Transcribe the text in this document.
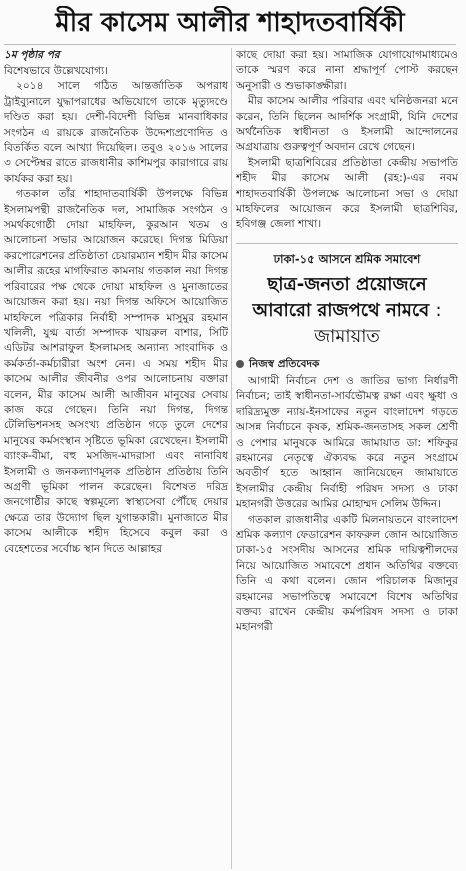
মীর কাসেম আলীর শাহাদতবার্ষিকী

১ম পৃষ্ঠার পর

বিশেষভাবে উল্লেখযোগ্য।

২০১৪ সালে গঠিত আন্তর্জাতিক অপরাধ ট্রাইব্যুনালে যুদ্ধাপরাধের অভিযোগে তাকে মৃত্যুদণ্ডে দণ্ডিত করা হয়। দেশী-বিদেশী বিভিন্ন মানবাধিকার সংগঠন এ রায়কে রাজনৈতিক উদ্দেশ্যপ্রণোদিত ও বিতর্কিত বলে আখ্যা দিয়েছিল। তবুও ২০১৬ সালের ৩ সেপ্টেম্বর রাতে রাজধানীর কাশিমপুর কারাগারে রায় কার্যকর করা হয়।

গতকাল তাঁর শাহাদাতবার্ষিকী উপলক্ষে বিভিন্ন ইসলামপন্থী রাজনৈতিক দল, সামাজিক সংগঠন ও সমর্থকগোষ্ঠী দোয়া মাহফিল, কুরআন খতম ও আলোচনা সভার আয়োজন করেছে। দিগন্ত মিডিয়া করপোরেশনের প্রতিষ্ঠাতা চেয়ারম্যান শহীদ মীর কাসেম আলীর রূহের মাগফিরাত কামনায় গতকাল নয়া দিগন্ত পরিবারের পক্ষ থেকে দোয়া মাহফিল ও মুনাজাতের আয়োজন করা হয়। নয়া দিগন্ত অফিসে আয়োজিত মাহফিলে পত্রিকার নির্বাহী সম্পাদক মাসুমুর রহমান খলিলী, যুগ্ম বার্তা সম্পাদক খায়রুল বাশার, সিটি এডিটর আশরাফুল ইসলামসহ অন্যান্য সাংবাদিক ও কর্মকর্তা-কর্মচারীরা অংশ নেন। এ সময় শহীদ মীর কাসেম আলীর জীবনীর ওপর আলোচনায় বক্তারা বলেন, মীর কাসেম আলী আজীবন মানুষের সেবায় কাজ করে গেছেন। তিনি নয়া দিগন্ত, দিগন্ত টেলিভিশনসহ অসংখ্য প্রতিষ্ঠান গড়ে তুলে দেশের মানুষের কর্মসংস্থান সৃষ্টিতে ভূমিকা রেখেছেন। ইসলামী ব্যাংক-বীমা, বহু মসজিদ-মাদরাসা এবং নানাবিধ ইসলামী ও জনকল্যাণমূলক প্রতিষ্ঠান প্রতিষ্ঠায় তিনি অগ্রণী ভূমিকা পালন করেছেন। বিশেষত দরিদ্র জনগোষ্ঠীর কাছে স্বল্পমূল্যে স্বাস্থ্যসেবা পৌঁছে দেয়ার ক্ষেত্রে তার উদ্যোগ ছিল যুগান্তকারী। মুনাজাতে মীর কাসেম আলীকে শহীদ হিসেবে কবুল করা ও বেহেশতের সর্বোচ্চ স্থান দিতে আল্লাহর

কাছে দোয়া করা হয়। সামাজিক যোগাযোগমাধ্যমেও তাকে স্মরণ করে নানা শ্রদ্ধাপূর্ণ পোস্ট করছেন অনুসারী ও শুভাকাঙ্ক্ষীরা।

মীর কাসেম আলীর পরিবার এবং ঘনিষ্ঠজনরা মনে করেন, তিনি ছিলেন আদর্শিক সংগ্রামী, যিনি দেশের অর্থনৈতিক স্বাধীনতা ও ইসলামী আন্দোলনের অগ্রযাত্রায় গুরুত্বপূর্ণ অবদান রেখে গেছেন।

ইসলামী ছাত্রশিবিরের প্রতিষ্ঠাতা কেন্দ্রীয় সভাপতি শহীদ মীর কাসেম আলী (রহ:)-এর নবম শাহাদতবার্ষিকী উপলক্ষে আলোচনা সভা ও দোয়া মাহফিলের আয়োজন করে ইসলামী ছাত্রশিবির, হবিগঞ্জ জেলা শাখা।

ঢাকা-১৫ আসনে শ্রমিক সমাবেশ
ছাত্র-জনতা প্রয়োজনে আবারো রাজপথে নামবে : জামায়াত
নিজস্ব প্রতিবেদক

আগামী নির্বাচন দেশ ও জাতির ভাগ্য নির্ধারণী নির্বাচন; তাই স্বাধীনতা-সার্বভৌমত্ব রক্ষা এবং ক্ষুধা ও দারিদ্র্যমুক্ত ন্যায়-ইনসাফের নতুন বাংলাদেশ গড়তে আসন্ন নির্বাচনে কৃষক, শ্রমিক-জনতাসহ সকল শ্রেণী ও পেশার মানুষকে আমিরে জামায়াত ডা: শফিকুর রহমানের নেতৃত্বে ঐক্যবদ্ধ করে নতুন সংগ্রামে অবতীর্ণ হতে আহ্বান জানিয়েছেন জামায়াতে ইসলামীর কেন্দ্রীয় নির্বাহী পরিষদ সদস্য ও ঢাকা মহানগরী উত্তরের আমির মোহাম্মদ সেলিম উদ্দিন।

গতকাল রাজধানীর একটি মিলনায়তনে বাংলাদেশ শ্রমিক কল্যাণ ফেডারেশন কাফরুল জোন আয়োজিত ঢাকা-১৫ সংসদীয় আসনের শ্রমিক দায়িত্বশীলদের নিয়ে আয়োজিত সমাবেশে প্রধান অতিথির বক্তব্যে তিনি এ কথা বলেন। জোন পরিচালক মিজানুর রহমানের সভাপতিত্বে সমাবেশে বিশেষ অতিথির বক্তব্য রাখেন কেন্দ্রীয় কর্মপরিষদ সদস্য ও ঢাকা মহানগরী
